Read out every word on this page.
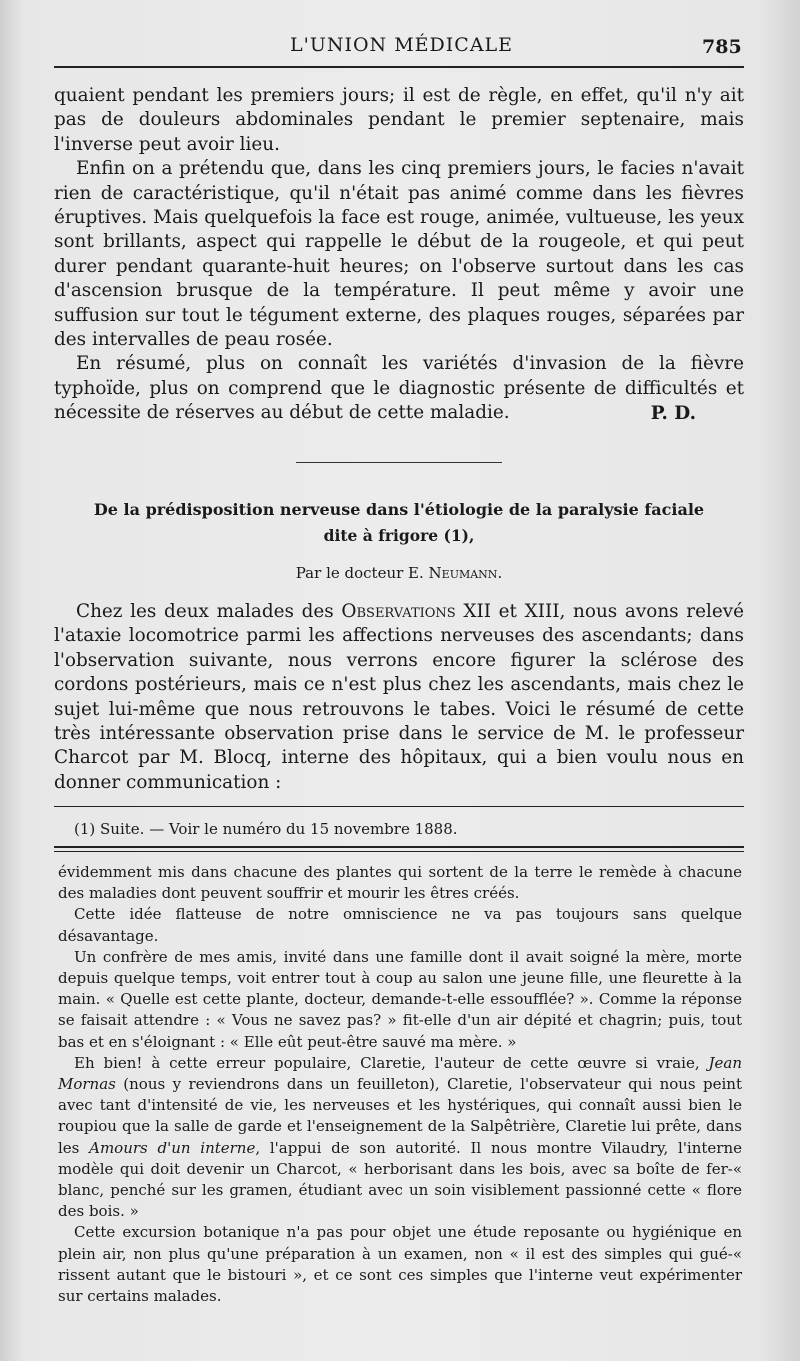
L'UNION MÉDICALE	785

quaient pendant les premiers jours; il est de règle, en effet, qu'il n'y ait pas de douleurs abdominales pendant le premier septenaire, mais l'inverse peut avoir lieu.

Enfin on a prétendu que, dans les cinq premiers jours, le facies n'avait rien de caractéristique, qu'il n'était pas animé comme dans les fièvres éruptives. Mais quelquefois la face est rouge, animée, vultueuse, les yeux sont brillants, aspect qui rappelle le début de la rougeole, et qui peut durer pendant quarante-huit heures; on l'observe surtout dans les cas d'ascension brusque de la température. Il peut même y avoir une suffusion sur tout le tégument externe, des plaques rouges, séparées par des intervalles de peau rosée.

En résumé, plus on connaît les variétés d'invasion de la fièvre typhoïde, plus on comprend que le diagnostic présente de difficultés et nécessite de réserves au début de cette maladie.	P. D.

De la prédisposition nerveuse dans l'étiologie de la paralysie faciale
dite à frigore (1),
Par le docteur E. Neumann.

Chez les deux malades des Observations XII et XIII, nous avons relevé l'ataxie locomotrice parmi les affections nerveuses des ascendants; dans l'observation suivante, nous verrons encore figurer la sclérose des cordons postérieurs, mais ce n'est plus chez les ascendants, mais chez le sujet lui-même que nous retrouvons le tabes. Voici le résumé de cette très intéressante observation prise dans le service de M. le professeur Charcot par M. Blocq, interne des hôpitaux, qui a bien voulu nous en donner communication :

(1) Suite. — Voir le numéro du 15 novembre 1888.

évidemment mis dans chacune des plantes qui sortent de la terre le remède à chacune des maladies dont peuvent souffrir et mourir les êtres créés.

Cette idée flatteuse de notre omniscience ne va pas toujours sans quelque désavantage.

Un confrère de mes amis, invité dans une famille dont il avait soigné la mère, morte depuis quelque temps, voit entrer tout à coup au salon une jeune fille, une fleurette à la main. « Quelle est cette plante, docteur, demande-t-elle essoufflée? ». Comme la réponse se faisait attendre : « Vous ne savez pas? » fit-elle d'un air dépité et chagrin; puis, tout bas et en s'éloignant : « Elle eût peut-être sauvé ma mère. »

Eh bien! à cette erreur populaire, Claretie, l'auteur de cette œuvre si vraie, Jean Mornas (nous y reviendrons dans un feuilleton), Claretie, l'observateur qui nous peint avec tant d'intensité de vie, les nerveuses et les hystériques, qui connaît aussi bien le roupiou que la salle de garde et l'enseignement de la Salpêtrière, Claretie lui prête, dans les Amours d'un interne, l'appui de son autorité. Il nous montre Vilaudry, l'interne modèle qui doit devenir un Charcot, « herborisant dans les bois, avec sa boîte de fer-« blanc, penché sur les gramen, étudiant avec un soin visiblement passionné cette « flore des bois. »

Cette excursion botanique n'a pas pour objet une étude reposante ou hygiénique en plein air, non plus qu'une préparation à un examen, non « il est des simples qui gué-« rissent autant que le bistouri », et ce sont ces simples que l'interne veut expérimenter sur certains malades.
